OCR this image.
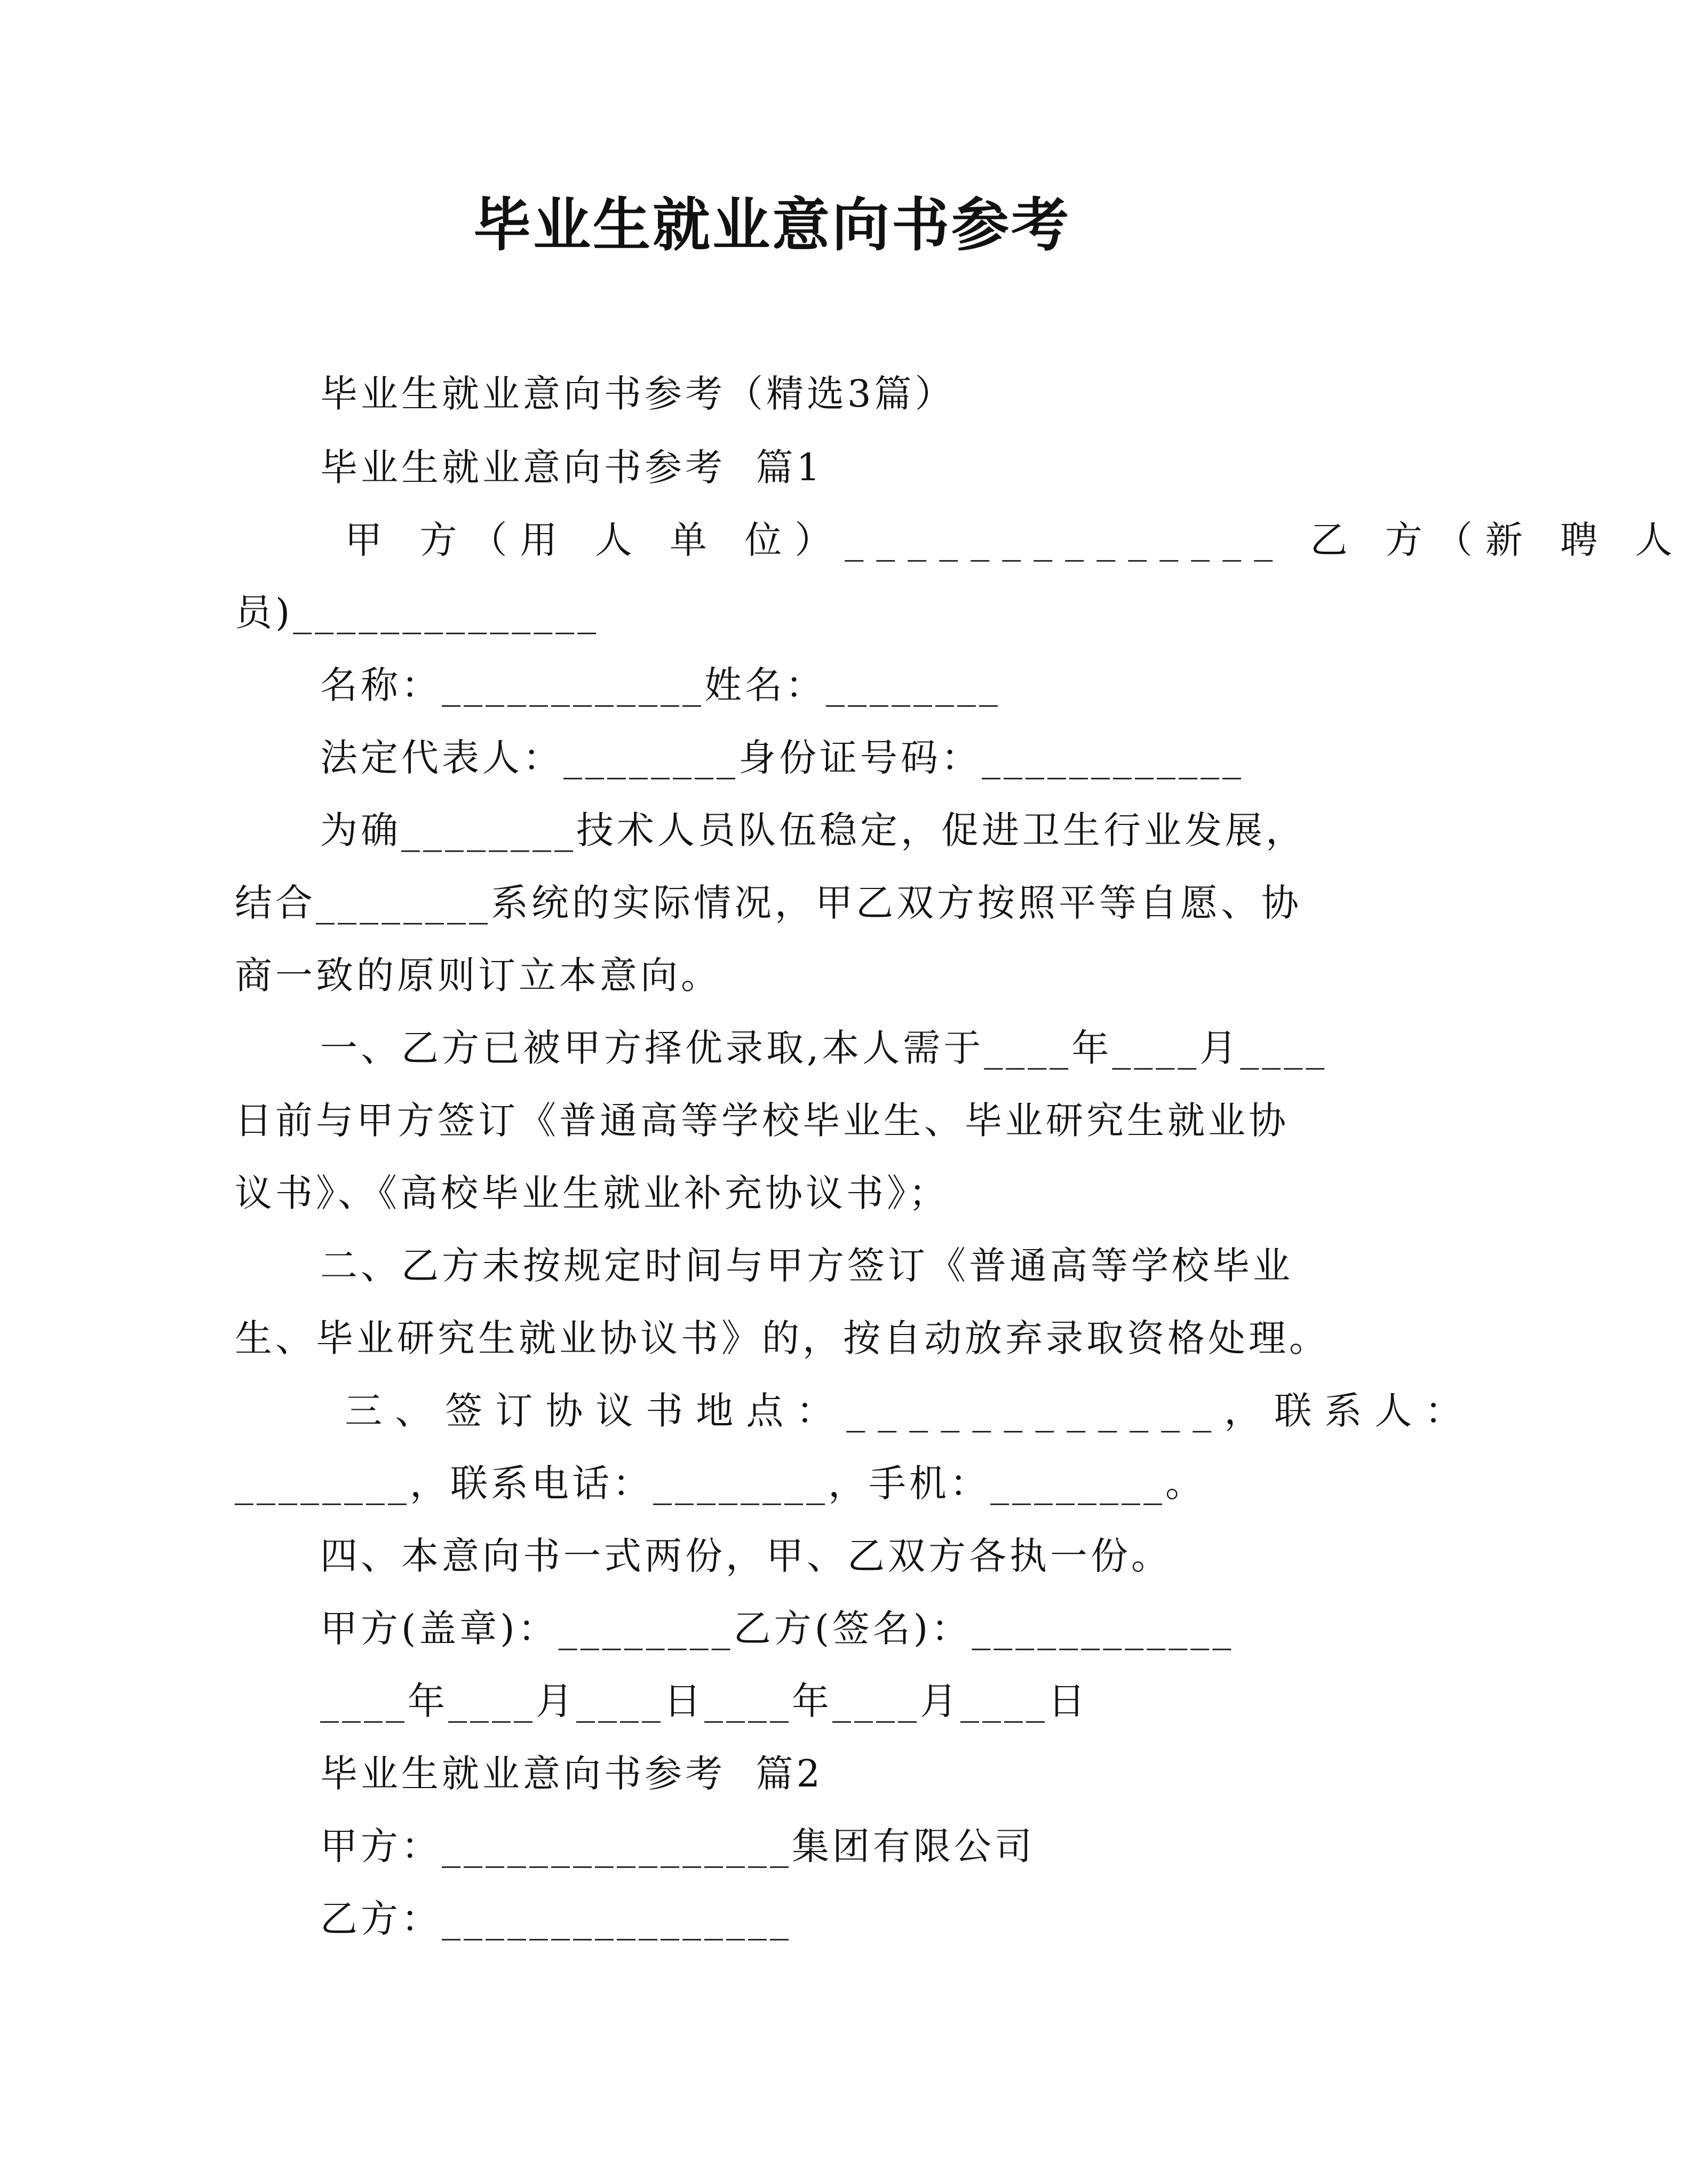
毕业生就业意向书参考
毕业生就业意向书参考（精选3篇）
毕业生就业意向书参考  篇1
甲 方（用 人 单 位）______________ 乙 方（新 聘 人
员)______________
名称：____________姓名：________
法定代表人：________身份证号码：____________
为确________技术人员队伍稳定，促进卫生行业发展，
结合________系统的实际情况，甲乙双方按照平等自愿、协
商一致的原则订立本意向。
一、乙方已被甲方择优录取,本人需于____年____月____
日前与甲方签订《普通高等学校毕业生、毕业研究生就业协
议书》、《高校毕业生就业补充协议书》；
二、乙方未按规定时间与甲方签订《普通高等学校毕业
生、毕业研究生就业协议书》的，按自动放弃录取资格处理。
三、签订协议书地点：____________，联系人：
________，联系电话：________，手机：________。
四、本意向书一式两份，甲、乙双方各执一份。
甲方(盖章)：________乙方(签名)：____________
____年____月____日____年____月____日
毕业生就业意向书参考  篇2
甲方：________________集团有限公司
乙方：________________
